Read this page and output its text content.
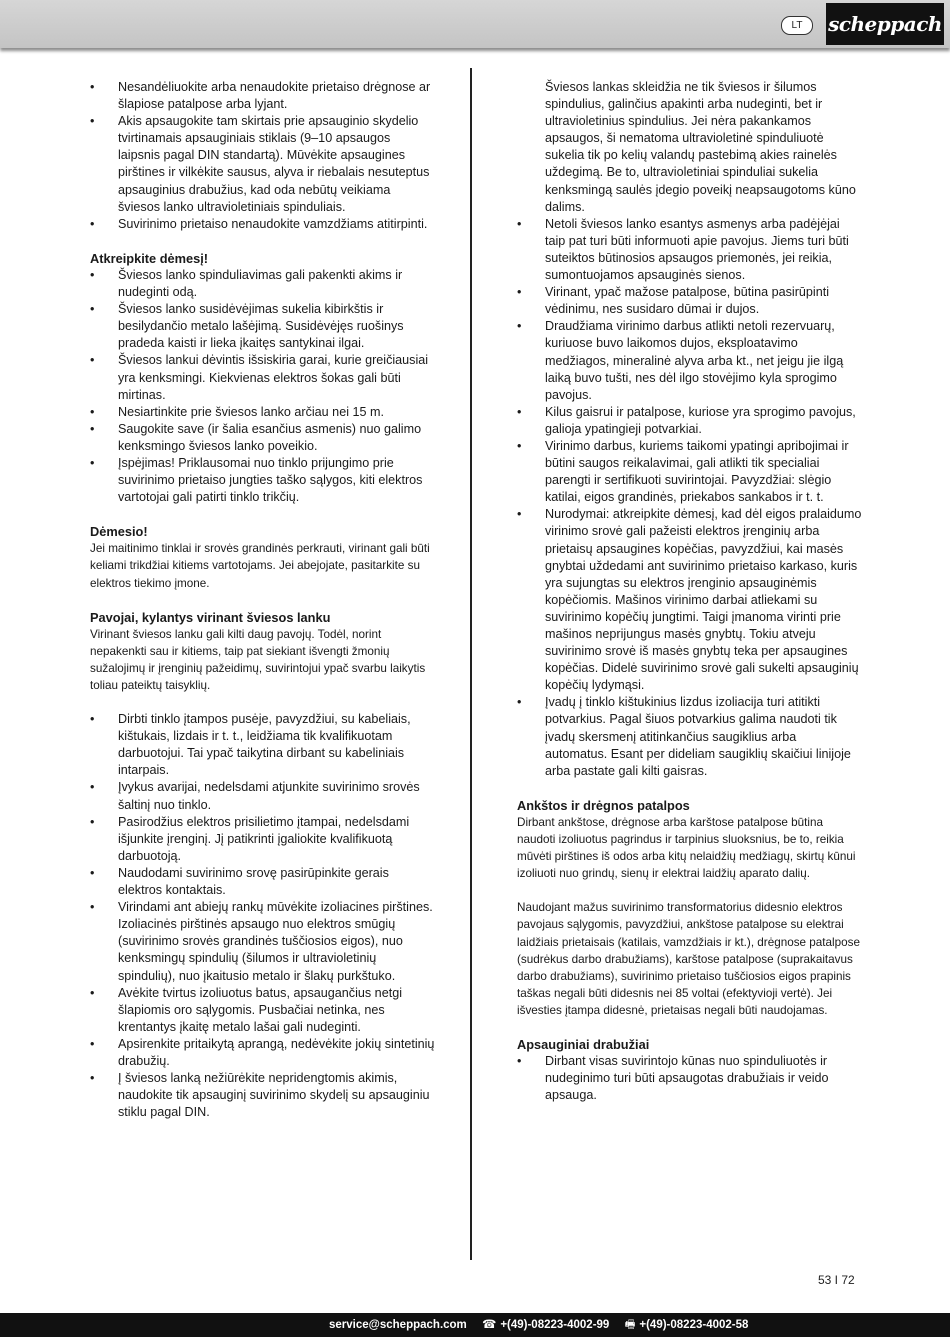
LT	scheppach
• Nesandėliuokite arba nenaudokite prietaiso drėgnose ar šlapiose patalpose arba lyjant.
• Akis apsaugokite tam skirtais prie apsauginio skydelio tvirtinamais apsauginiais stiklais (9–10 apsaugos laipsnis pagal DIN standartą). Mūvėkite apsaugines pirštines ir vilkėkite sausus, alyva ir riebalais nesuteptus apsauginius drabužius, kad oda nebūtų veikiama šviesos lanko ultravioletiniais spinduliais.
• Suvirinimo prietaiso nenaudokite vamzdžiams atitirpinti.
Atkreipkite dėmesį!
• Šviesos lanko spinduliavimas gali pakenkti akims ir nudeginti odą.
• Šviesos lanko susidėvėjimas sukelia kibirkštis ir besilydančio metalo lašėjimą. Susidėvėjęs ruošinys pradeda kaisti ir lieka įkaitęs santykinai ilgai.
• Šviesos lankui dėvintis išsiskiria garai, kurie greičiausiai yra kenksmingi. Kiekvienas elektros šokas gali būti mirtinas.
• Nesiartinkite prie šviesos lanko arčiau nei 15 m.
• Saugokite save (ir šalia esančius asmenis) nuo galimo kenksmingo šviesos lanko poveikio.
• Įspėjimas! Priklausomai nuo tinklo prijungimo prie suvirinimo prietaiso jungties taško sąlygos, kiti elektros vartotojai gali patirti tinklo trikčių.
Dėmesio!

Jei maitinimo tinklai ir srovės grandinės perkrauti, virinant gali būti keliami trikdžiai kitiems vartotojams. Jei abejojate, pasitarkite su elektros tiekimo įmone.

Pavojai, kylantys virinant šviesos lanku

Virinant šviesos lanku gali kilti daug pavojų. Todėl, norint nepakenkti sau ir kitiems, taip pat siekiant išvengti žmonių sužalojimų ir įrenginių pažeidimų, suvirintojui ypač svarbu laikytis toliau pateiktų taisyklių.

• Dirbti tinklo įtampos pusėje, pavyzdžiui, su kabeliais, kištukais, lizdais ir t. t., leidžiama tik kvalifikuotam darbuotojui. Tai ypač taikytina dirbant su kabeliniais intarpais.
• Įvykus avarijai, nedelsdami atjunkite suvirinimo srovės šaltinį nuo tinklo.
• Pasirodžius elektros prisilietimo įtampai, nedelsdami išjunkite įrenginį. Jį patikrinti įgaliokite kvalifikuotą darbuotoją.
• Naudodami suvirinimo srovę pasirūpinkite gerais elektros kontaktais.
• Virindami ant abiejų rankų mūvėkite izoliacines pirštines. Izoliacinės pirštinės apsaugo nuo elektros smūgių (suvirinimo srovės grandinės tuščiosios eigos), nuo kenksmingų spindulių (šilumos ir ultravioletinių spindulių), nuo įkaitusio metalo ir šlakų purkštuko.
• Avėkite tvirtus izoliuotus batus, apsaugančius netgi šlapiomis oro sąlygomis. Pusbačiai netinka, nes krentantys įkaitę metalo lašai gali nudeginti.
• Apsirenkite pritaikytą aprangą, nedėvėkite jokių sintetinių drabužių.
• Į šviesos lanką nežiūrėkite nepridengtomis akimis, naudokite tik apsauginį suvirinimo skydelį su apsauginiu stiklu pagal DIN.

Šviesos lankas skleidžia ne tik šviesos ir šilumos spindulius, galinčius apakinti arba nudeginti, bet ir ultravioletinius spindulius. Jei nėra pakankamos apsaugos, ši nematoma ultravioletinė spinduliuotė sukelia tik po kelių valandų pastebimą akies rainelės uždegimą. Be to, ultravioletiniai spinduliai sukelia kenksmingą saulės įdegio poveikį neapsaugotoms kūno dalims.

• Netoli šviesos lanko esantys asmenys arba padėjėjai taip pat turi būti informuoti apie pavojus. Jiems turi būti suteiktos būtinosios apsaugos priemonės, jei reikia, sumontuojamos apsauginės sienos.
• Virinant, ypač mažose patalpose, būtina pasirūpinti vėdinimu, nes susidaro dūmai ir dujos.
• Draudžiama virinimo darbus atlikti netoli rezervuarų, kuriuose buvo laikomos dujos, eksploatavimo medžiagos, mineralinė alyva arba kt., net jeigu jie ilgą laiką buvo tušti, nes dėl ilgo stovėjimo kyla sprogimo pavojus.
• Kilus gaisrui ir patalpose, kuriose yra sprogimo pavojus, galioja ypatingieji potvarkiai.
• Virinimo darbus, kuriems taikomi ypatingi apribojimai ir būtini saugos reikalavimai, gali atlikti tik specialiai parengti ir sertifikuoti suvirintojai. Pavyzdžiai: slėgio katilai, eigos grandinės, priekabos sankabos ir t. t.
• Nurodymai: atkreipkite dėmesį, kad dėl eigos pralaidumo virinimo srovė gali pažeisti elektros įrenginių arba prietaisų apsaugines kopėčias, pavyzdžiui, kai masės gnybtai uždedami ant suvirinimo prietaiso karkaso, kuris yra sujungtas su elektros įrenginio apsauginėmis kopėčiomis. Mašinos virinimo darbai atliekami su suvirinimo kopėčių jungtimi. Taigi įmanoma virinti prie mašinos neprijungus masės gnybtų. Tokiu atveju suvirinimo srovė iš masės gnybtų teka per apsaugines kopėčias. Didelė suvirinimo srovė gali sukelti apsauginių kopėčių lydymąsi.
• Įvadų į tinklo kištukinius lizdus izoliacija turi atitikti potvarkius. Pagal šiuos potvarkius galima naudoti tik įvadų skersmenį atitinkančius saugiklius arba automatus. Esant per dideliam saugiklių skaičiui linijoje arba pastate gali kilti gaisras.
Ankštos ir drėgnos patalpos

Dirbant ankštose, drėgnose arba karštose patalpose būtina naudoti izoliuotus pagrindus ir tarpinius sluoksnius, be to, reikia mūvėti pirštines iš odos arba kitų nelaidžių medžiagų, skirtų kūnui izoliuoti nuo grindų, sienų ir elektrai laidžių aparato dalių.

Naudojant mažus suvirinimo transformatorius didesnio elektros pavojaus sąlygomis, pavyzdžiui, ankštose patalpose su elektrai laidžiais prietaisais (katilais, vamzdžiais ir kt.), drėgnose patalpose (sudrėkus darbo drabužiams), karštose patalpose (suprakaitavus darbo drabužiams), suvirinimo prietaiso tuščiosios eigos prapinis taškas negali būti didesnis nei 85 voltai (efektyvioji vertė). Jei išvesties įtampa didesnė, prietaisas negali būti naudojamas.

Apsauginiai drabužiai
• Dirbant visas suvirintojo kūnas nuo spinduliuotės ir nudeginimo turi būti apsaugotas drabužiais ir veido apsauga.
53 I 72
service@scheppach.com ☎ +(49)-08223-4002-99 🖷 +(49)-08223-4002-58
